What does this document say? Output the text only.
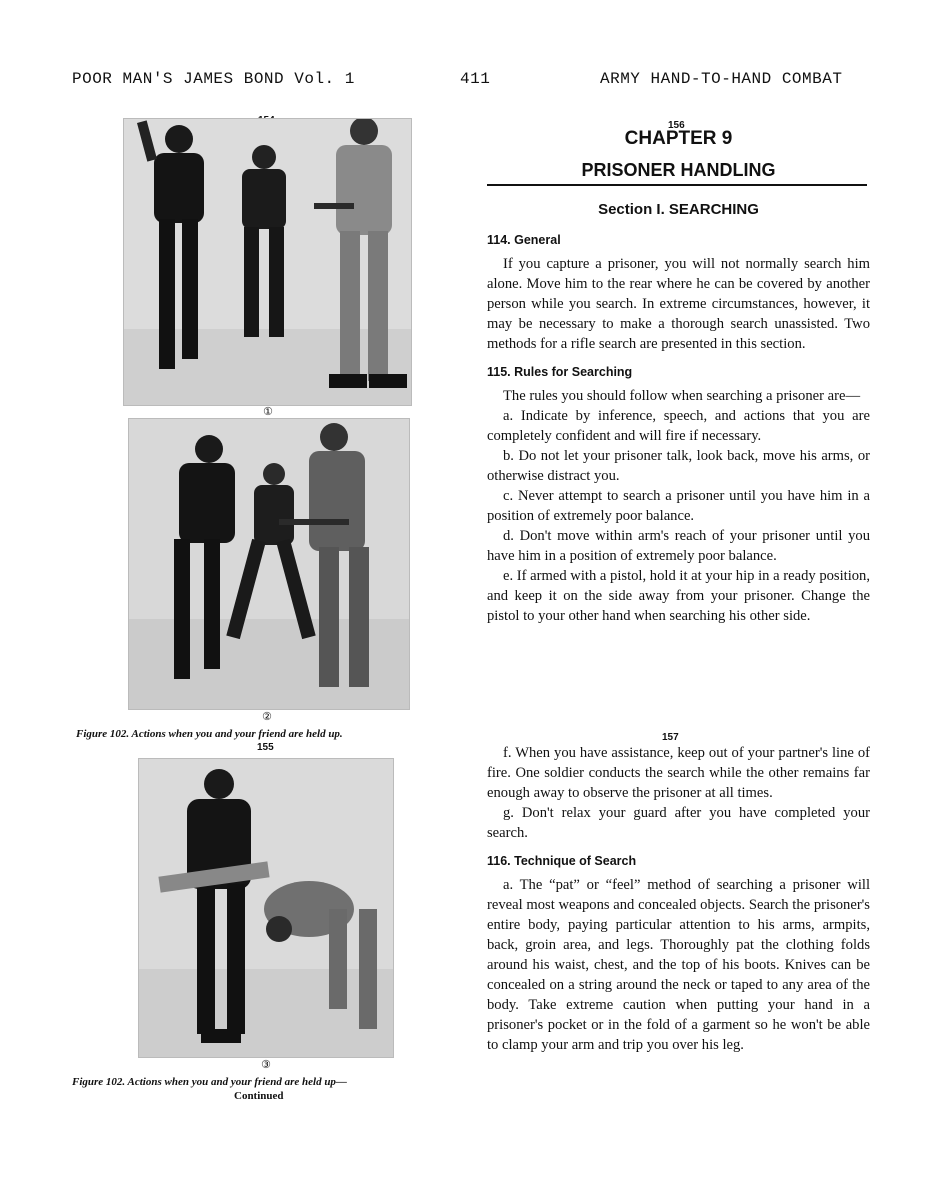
POOR MAN'S JAMES BOND Vol. 1	411	ARMY HAND-TO-HAND COMBAT
①
②
Figure 102. Actions when you and your friend are held up.
155
③
Figure 102. Actions when you and your friend are held up—
Continued
156
CHAPTER 9
PRISONER HANDLING
Section I. SEARCHING
114. General

If you capture a prisoner, you will not normally search him alone. Move him to the rear where he can be covered by another person while you search. In extreme circumstances, however, it may be necessary to make a thorough search unassisted. Two methods for a rifle search are presented in this section.

115. Rules for Searching

The rules you should follow when searching a prisoner are—

a. Indicate by inference, speech, and actions that you are completely confident and will fire if necessary.

b. Do not let your prisoner talk, look back, move his arms, or otherwise distract you.

c. Never attempt to search a prisoner until you have him in a position of extremely poor balance.

d. Don't move within arm's reach of your prisoner until you have him in a position of extremely poor balance.

e. If armed with a pistol, hold it at your hip in a ready position, and keep it on the side away from your prisoner. Change the pistol to your other hand when searching his other side.

157

f. When you have assistance, keep out of your partner's line of fire. One soldier conducts the search while the other remains far enough away to observe the prisoner at all times.

g. Don't relax your guard after you have completed your search.

116. Technique of Search

a. The “pat” or “feel” method of searching a prisoner will reveal most weapons and concealed objects. Search the prisoner's entire body, paying particular attention to his arms, armpits, back, groin area, and legs. Thoroughly pat the clothing folds around his waist, chest, and the top of his boots. Knives can be concealed on a string around the neck or taped to any area of the body. Take extreme caution when putting your hand in a prisoner's pocket or in the fold of a garment so he won't be able to clamp your arm and trip you over his leg.
